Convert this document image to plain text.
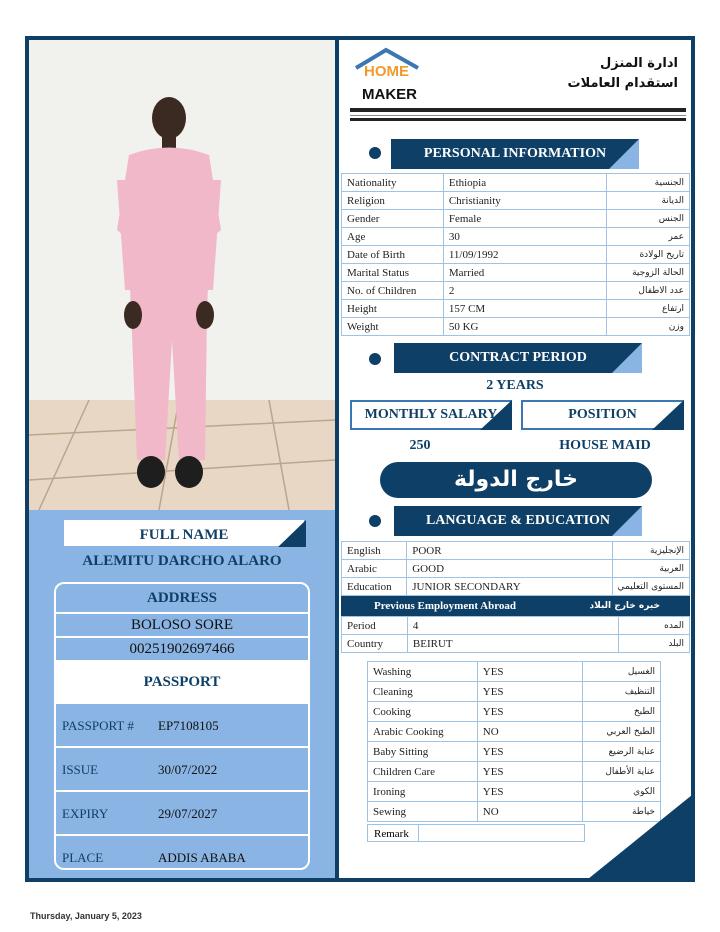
HOME
MAKER
ادارة المنزل
استقدام العاملات
PERSONAL INFORMATION
Nationality	Ethiopia	الجنسية
Religion	Christianity	الديانة
Gender	Female	الجنس
Age	30	عمر
Date of Birth	11/09/1992	تاريخ الولادة
Marital Status	Married	الحالة الزوجية
No. of Children	2	عدد الاطفال
Height	157 CM	ارتفاع
Weight	50 KG	وزن
CONTRACT PERIOD
2 YEARS
MONTHLY SALARY	POSITION
250	HOUSE MAID
خارج الدولة
LANGUAGE & EDUCATION
English	POOR	الإنجليزية
Arabic	GOOD	العربية
Education	JUNIOR SECONDARY	المستوى التعليمي
Previous Employment Abroad	خبره خارج البلاد
Period	4	المده
Country	BEIRUT	البلد
Washing	YES	الغسيل
Cleaning	YES	التنظيف
Cooking	YES	الطبخ
Arabic Cooking	NO	الطبخ العربي
Baby Sitting	YES	عناية الرضيع
Children Care	YES	عناية الأطفال
Ironing	YES	الكوي
Sewing	NO	خياطة
Remark
FULL NAME
ALEMITU DARCHO ALARO
ADDRESS
BOLOSO SORE
00251902697466
PASSPORT
PASSPORT # EP7108105
ISSUE	30/07/2022
EXPIRY	29/07/2027
PLACE	ADDIS ABABA
Thursday, January 5, 2023
